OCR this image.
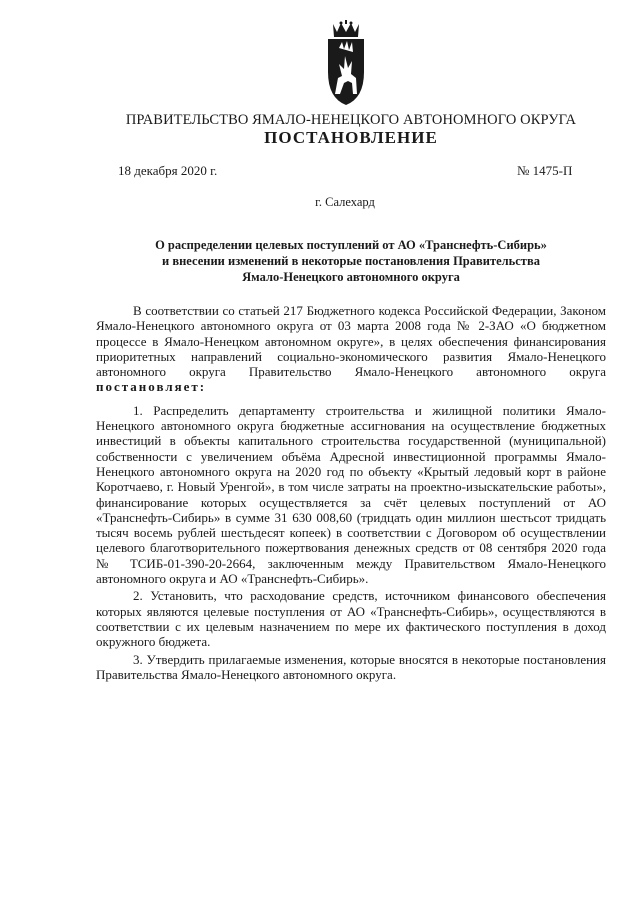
ПРАВИТЕЛЬСТВО ЯМАЛО-НЕНЕЦКОГО АВТОНОМНОГО ОКРУГА
ПОСТАНОВЛЕНИЕ
18 декабря 2020 г.	№ 1475-П
г. Салехард
О распределении целевых поступлений от АО «Транснефть-Сибирь»
и внесении изменений в некоторые постановления Правительства
Ямало-Ненецкого автономного округа

В соответствии со статьей 217 Бюджетного кодекса Российской Федерации, Законом Ямало-Ненецкого автономного округа от 03 марта 2008 года № 2-ЗАО «О бюджетном процессе в Ямало-Ненецком автономном округе», в целях обеспечения финансирования приоритетных направлений социально-экономического развития Ямало-Ненецкого автономного округа Правительство Ямало-Ненецкого автономного округа постановляет:

1. Распределить департаменту строительства и жилищной политики Ямало-Ненецкого автономного округа бюджетные ассигнования на осуществление бюджетных инвестиций в объекты капитального строительства государственной (муниципальной) собственности с увеличением объёма Адресной инвестиционной программы Ямало-Ненецкого автономного округа на 2020 год по объекту «Крытый ледовый корт в районе Коротчаево, г. Новый Уренгой», в том числе затраты на проектно-изыскательские работы», финансирование которых осуществляется за счёт целевых поступлений от АО «Транснефть-Сибирь» в сумме 31 630 008,60 (тридцать один миллион шестьсот тридцать тысяч восемь рублей шестьдесят копеек) в соответствии с Договором об осуществлении целевого благотворительного пожертвования денежных средств от 08 сентября 2020 года № ТСИБ-01-390-20-2664, заключенным между Правительством Ямало-Ненецкого автономного округа и АО «Транснефть-Сибирь».

2. Установить, что расходование средств, источником финансового обеспечения которых являются целевые поступления от АО «Транснефть-Сибирь», осуществляются в соответствии с их целевым назначением по мере их фактического поступления в доход окружного бюджета.

3. Утвердить прилагаемые изменения, которые вносятся в некоторые постановления Правительства Ямало-Ненецкого автономного округа.
